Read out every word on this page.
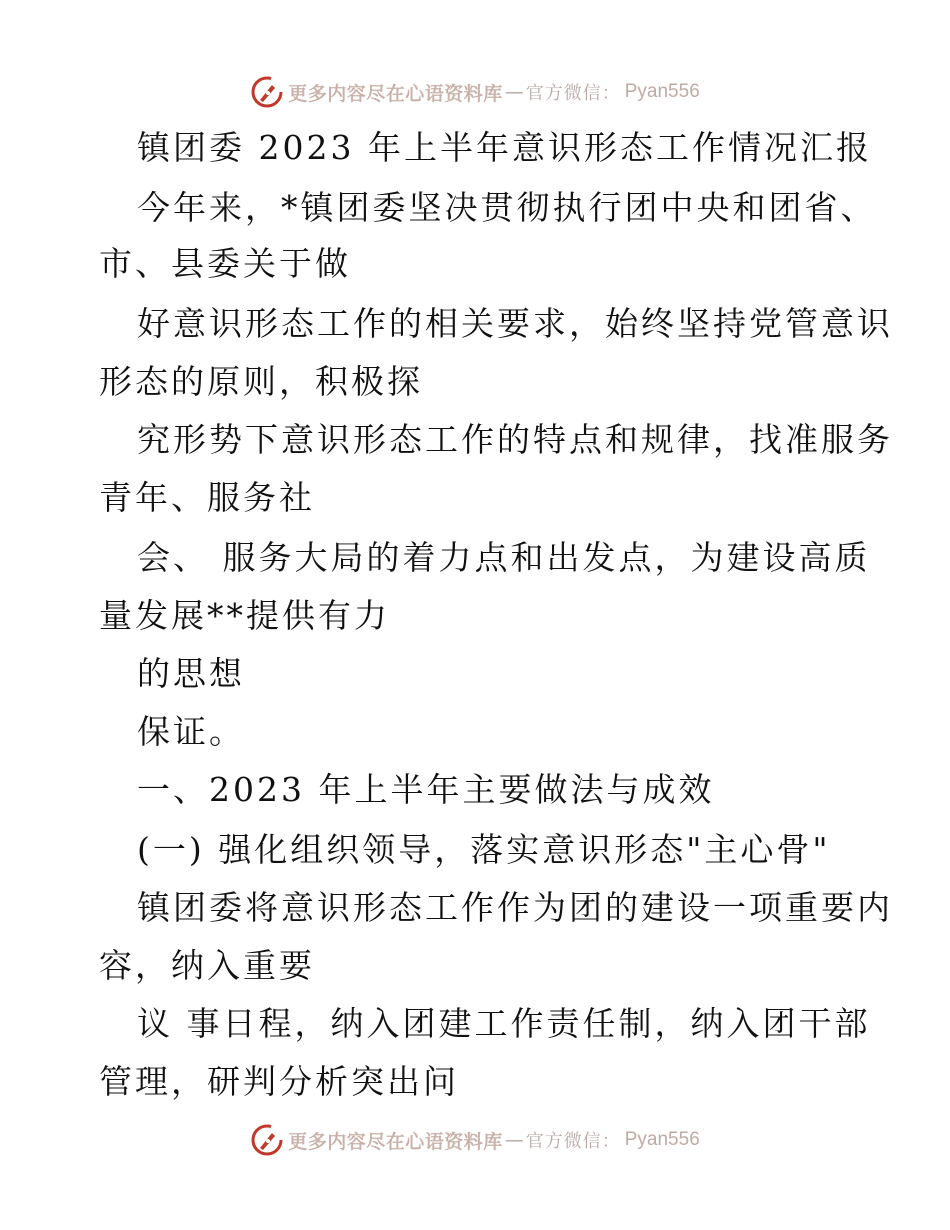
更多内容尽在心语资料库 — 官方微信： Pyan556
镇团委 2023 年上半年意识形态工作情况汇报
今年来，*镇团委坚决贯彻执行团中央和团省、
市、县委关于做
好意识形态工作的相关要求，始终坚持党管意识
形态的原则，积极探
究形势下意识形态工作的特点和规律，找准服务
青年、服务社
会、 服务大局的着力点和出发点，为建设高质
量发展**提供有力
的思想
保证。
一、2023 年上半年主要做法与成效
(一) 强化组织领导，落实意识形态"主心骨"
镇团委将意识形态工作作为团的建设一项重要内
容，纳入重要
议 事日程，纳入团建工作责任制，纳入团干部
管理，研判分析突出问
更多内容尽在心语资料库 — 官方微信： Pyan556
